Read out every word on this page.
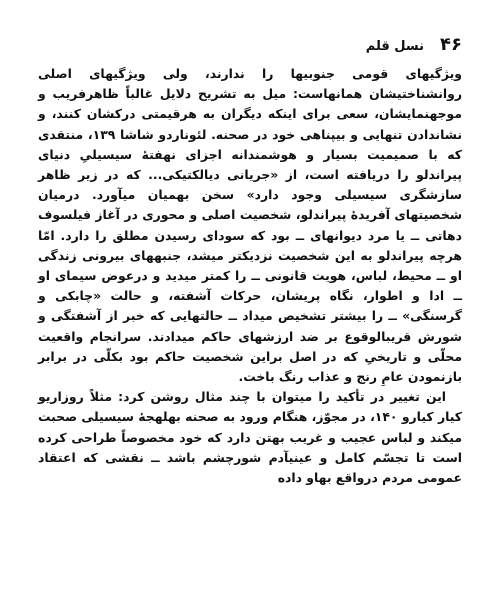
۴۶
نسل قلم

ویژگیهای قومی جنوبیها را ندارند، ولی ویژگیهای اصلی روانشناختیشان همانهاست: میل به تشریح دلایل غالباً ظاهرفریب و موجهنمایشان، سعی برای اینکه دیگران به هرقیمتی درکشان کنند، و نشاندادن تنهایی و بیپناهی خود در صحنه. لئوناردو شاشا ۱۳۹، منتقدی که با صمیمیت بسیار و هوشمندانه اجزای نهفتهٔ سیسیلیِ دنیای پیراندلو را دریافته است، از «جریانی دیالکتیکی... که در زیر ظاهر سازشگری سیسیلی وجود دارد» سخن بهمیان میآورد. درمیان شخصیتهای آفریدهٔ پیراندلو، شخصیت اصلی و محوری در آغاز فیلسوف دهاتی ــ یا مرد دیوانهای ــ بود که سودای رسیدن مطلق را دارد. امّا هرچه پیراندلو به این شخصیت نزدیکتر میشد، جنبههای بیرونی زندگی او ــ محیط، لباس، هویت قانونی ــ را کمتر میدید و درعوض سیمای او ــ ادا و اطوار، نگاه پریشان، حرکات آشفته، و حالت «چابکی و گرسنگی» ــ را بیشتر تشخیص میداد ــ حالتهایی که خبر از آشفتگی و شورش قریبالوقوع بر ضد ارزشهای حاکم میدادند. سرانجام واقعیت محلّی و تاریخیِ که در اصل براین شخصیت حاکم بود بکلّی در برابر بازنمودن عامِ رنج و عذاب رنگ باخت.

این تغییر در تأکید را میتوان با چند مثال روشن کرد: مثلاً روزاریو کیار کیارو ۱۴۰، در مجوّز، هنگام ورود به صحنه بهلهجهٔ سیسیلی صحبت میکند و لباس عجیب و غریب بهتن دارد که خود مخصوصاً طراحی کرده است تا تجسّم کامل و عینیآدم شورچشم باشد ــ نقشی که اعتقاد عمومی مردم درواقع بهاو داده
